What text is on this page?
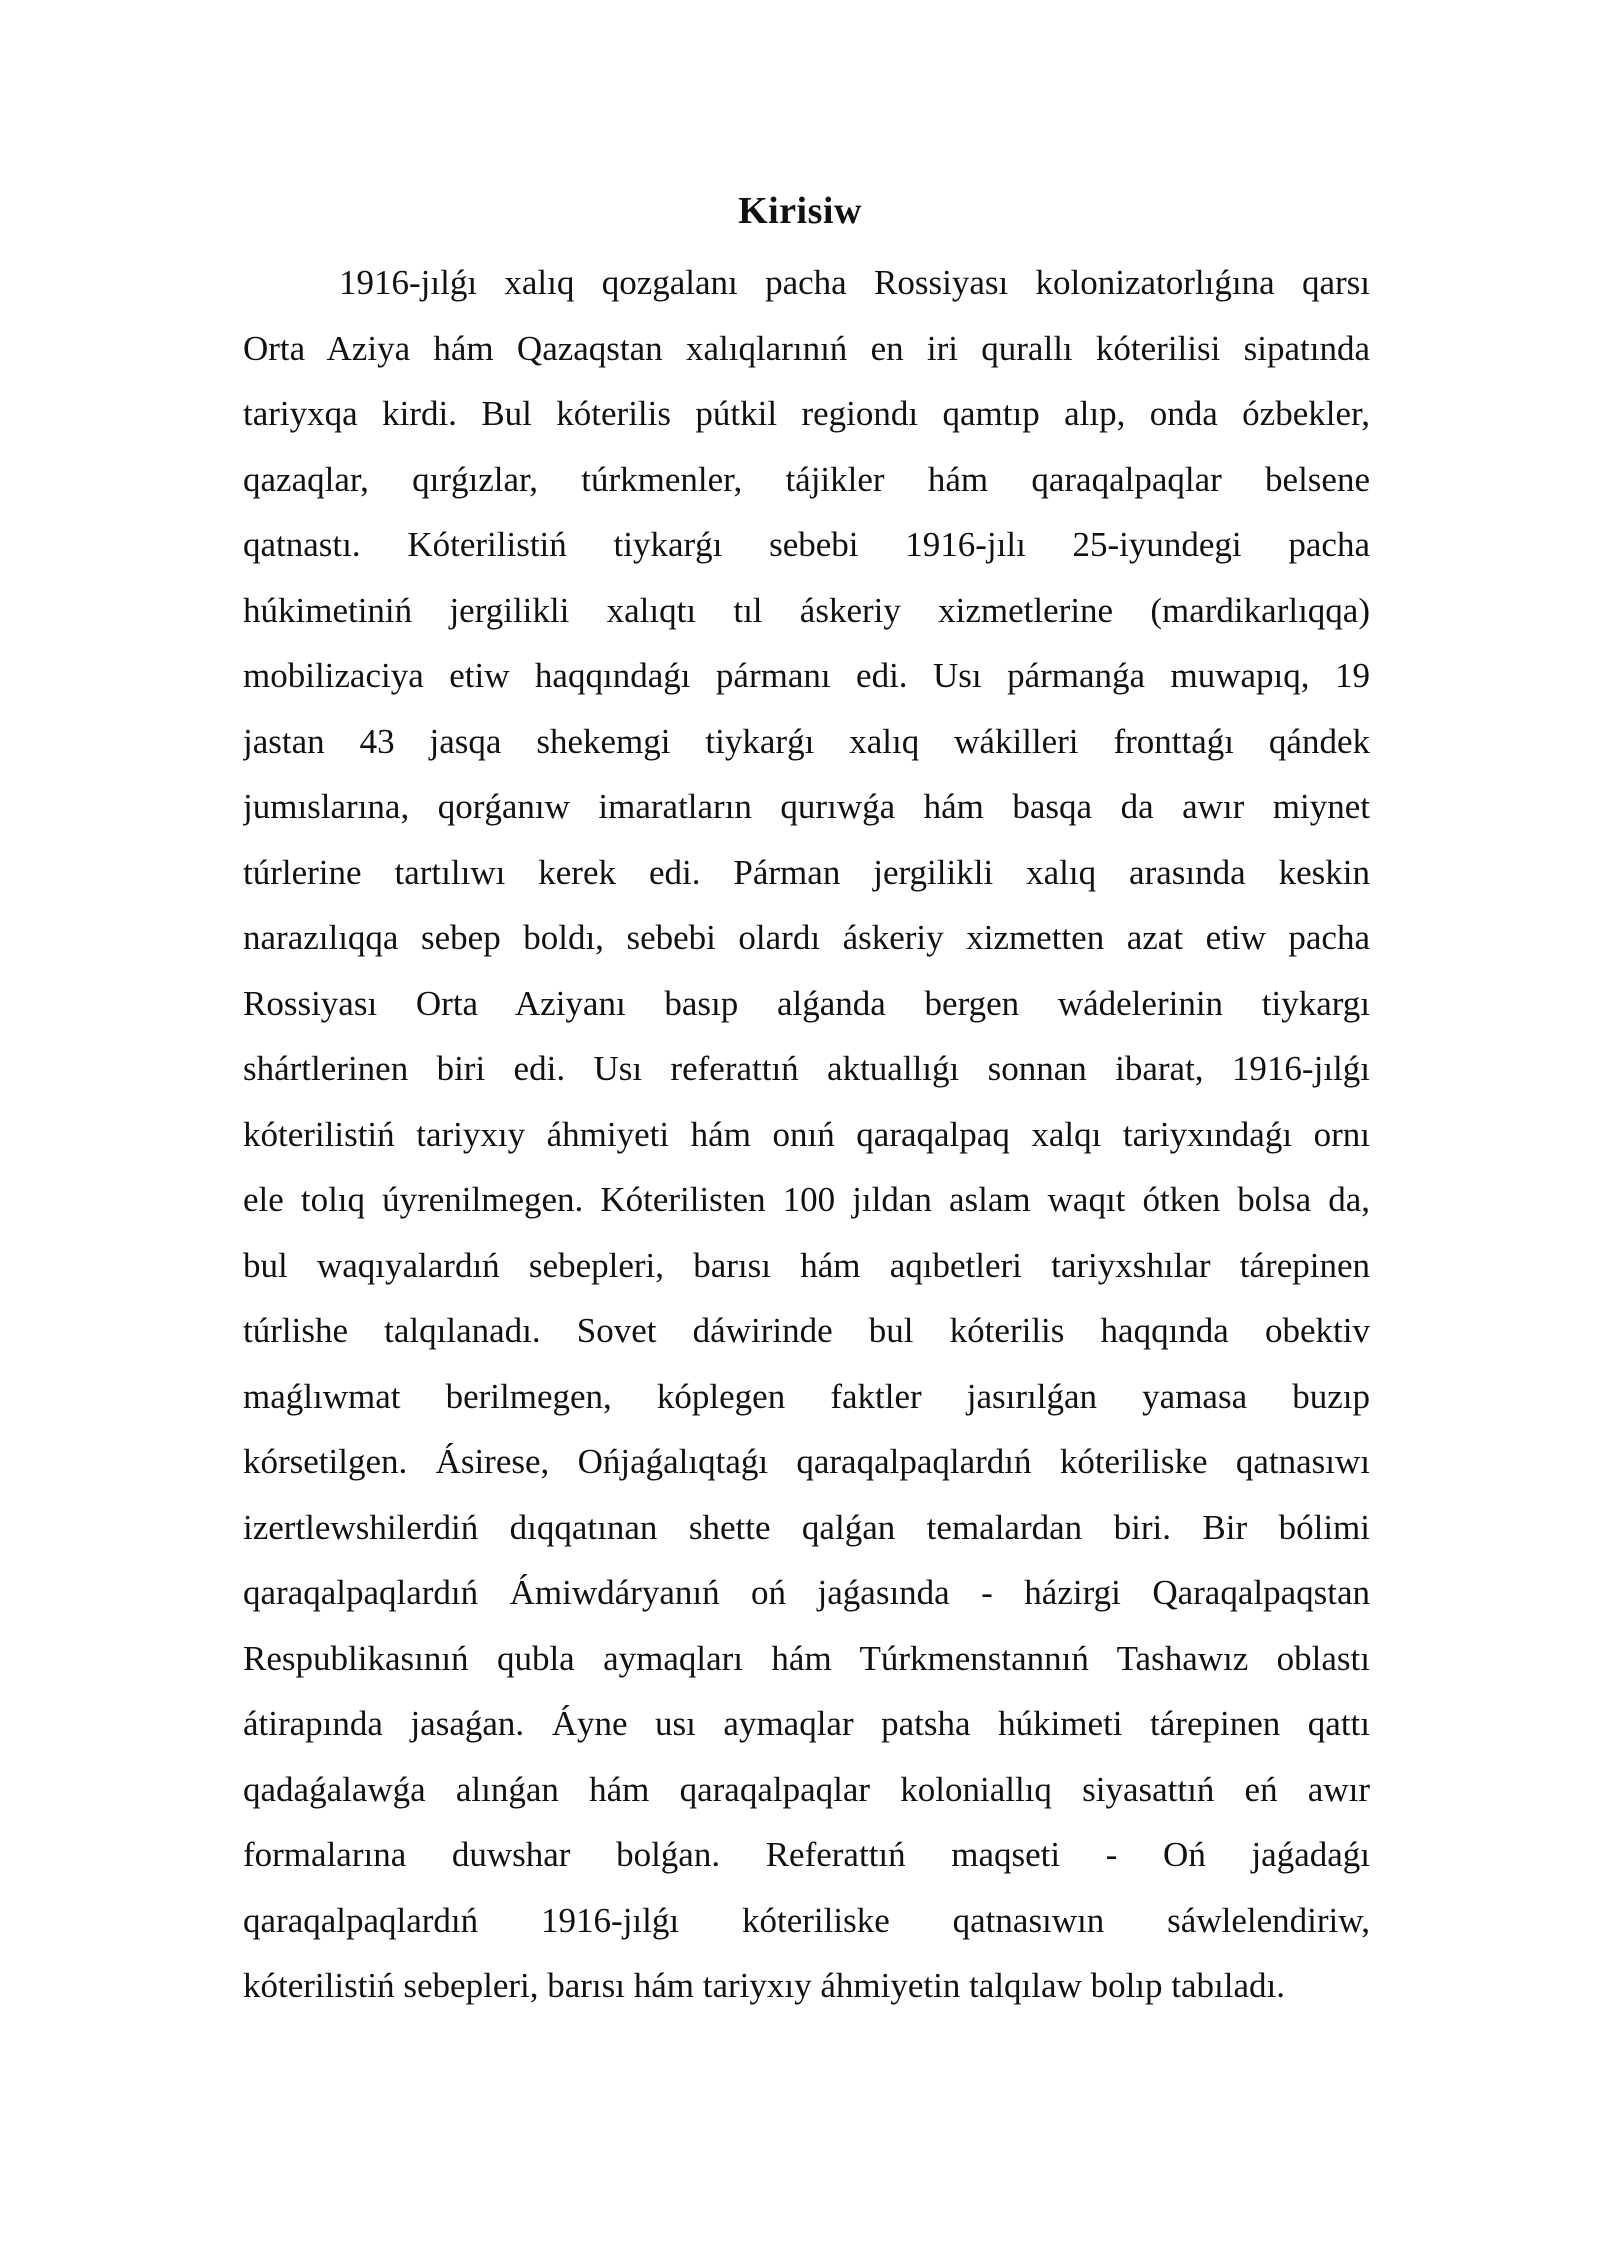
Kirisiw
1916-jılǵı xalıq qozgalanı pacha Rossiyası kolonizatorlıǵına qarsı
Orta Aziya hám Qazaqstan xalıqlarınıń en iri qurallı kóterilisi sipatında
tariyxqa kirdi. Bul kóterilis pútkil regiondı qamtıp alıp, onda ózbekler,
qazaqlar, qırǵızlar, túrkmenler, tájikler hám qaraqalpaqlar belsene
qatnastı. Kóterilistiń tiykarǵı sebebi 1916-jılı 25-iyundegi pacha
húkimetiniń jergilikli xalıqtı tıl áskeriy xizmetlerine (mardikarlıqqa)
mobilizaciya etiw haqqındaǵı pármanı edi. Usı pármanǵa muwapıq, 19
jastan 43 jasqa shekemgi tiykarǵı xalıq wákilleri fronttaǵı qándek
jumıslarına, qorǵanıw imaratların qurıwǵa hám basqa da awır miynet
túrlerine tartılıwı kerek edi. Párman jergilikli xalıq arasında keskin
narazılıqqa sebep boldı, sebebi olardı áskeriy xizmetten azat etiw pacha
Rossiyası Orta Aziyanı basıp alǵanda bergen wádelerinin tiykargı
shártlerinen biri edi. Usı referattıń aktuallıǵı sonnan ibarat, 1916-jılǵı
kóterilistiń tariyxıy áhmiyeti hám onıń qaraqalpaq xalqı tariyxındaǵı ornı
ele tolıq úyrenilmegen. Kóterilisten 100 jıldan aslam waqıt ótken bolsa da,
bul waqıyalardıń sebepleri, barısı hám aqıbetleri tariyxshılar tárepinen
túrlishe talqılanadı. Sovet dáwirinde bul kóterilis haqqında obektiv
maǵlıwmat berilmegen, kóplegen faktler jasırılǵan yamasa buzıp
kórsetilgen. Ásirese, Ońjaǵalıqtaǵı qaraqalpaqlardıń kóteriliske qatnasıwı
izertlewshilerdiń dıqqatınan shette qalǵan temalardan biri. Bir bólimi
qaraqalpaqlardıń Ámiwdáryanıń oń jaǵasında - házirgi Qaraqalpaqstan
Respublikasınıń qubla aymaqları hám Túrkmenstannıń Tashawız oblastı
átirapında jasaǵan. Áyne usı aymaqlar patsha húkimeti tárepinen qattı
qadaǵalawǵa alınǵan hám qaraqalpaqlar koloniallıq siyasattıń eń awır
formalarına duwshar bolǵan. Referattıń maqseti - Oń jaǵadaǵı
qaraqalpaqlardıń 1916-jılǵı kóteriliske qatnasıwın sáwlelendiriw,
kóterilistiń sebepleri, barısı hám tariyxıy áhmiyetin talqılaw bolıp tabıladı.
